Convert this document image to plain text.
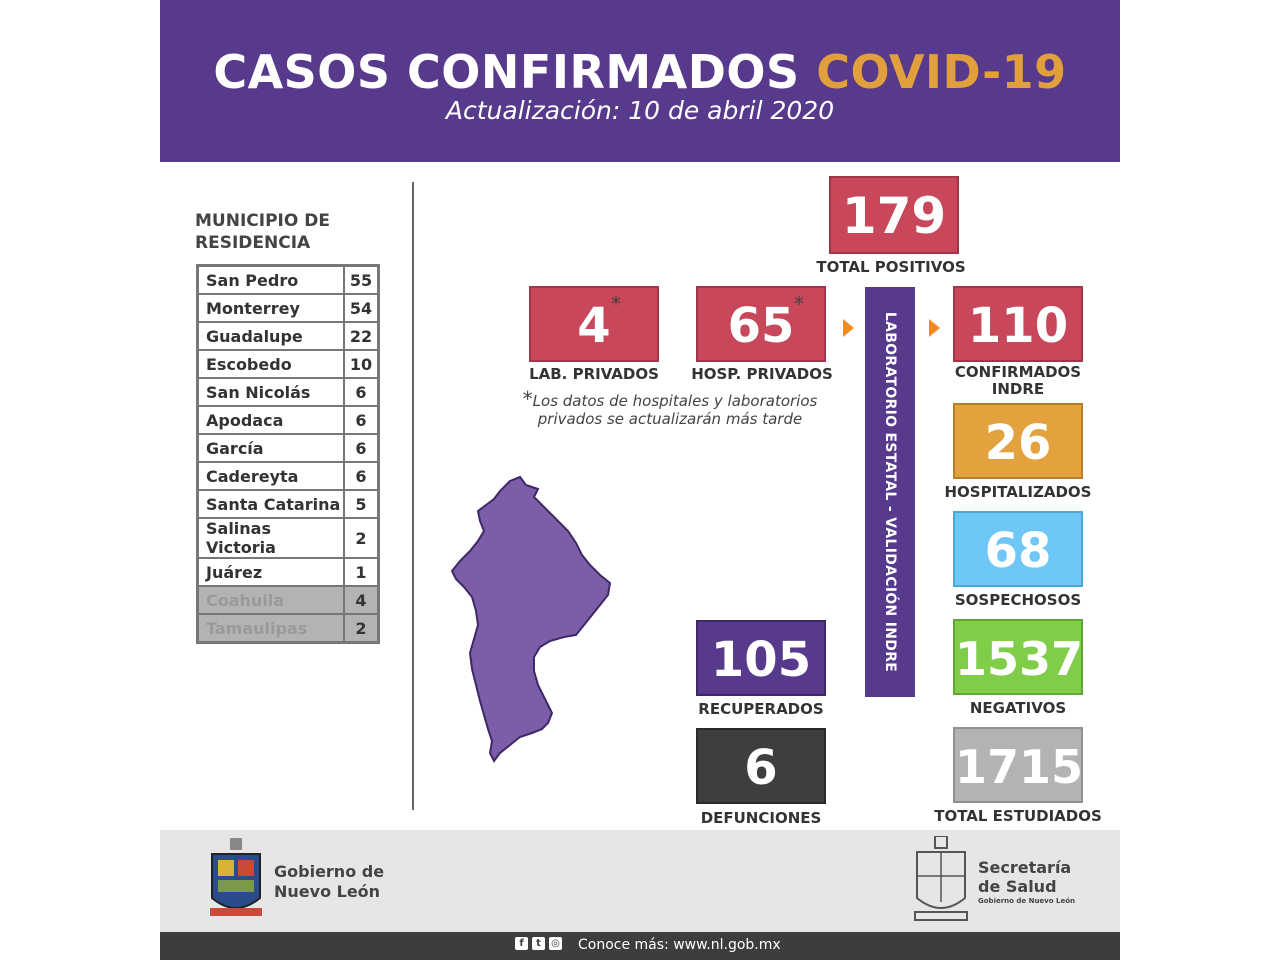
CASOS CONFIRMADOS COVID-19
Actualización: 10 de abril 2020
MUNICIPIO DE
RESIDENCIA
San Pedro	55
Monterrey	54
Guadalupe	22
Escobedo	10
San Nicolás	6
Apodaca	6
García	6
Cadereyta	6
Santa Catarina	5
Salinas Victoria	2
Juárez	1
Coahuila	4
Tamaulipas	2
179
TOTAL POSITIVOS
4 *
LAB. PRIVADOS
65 *
HOSP. PRIVADOS
*Los datos de hospitales y laboratorios
privados se actualizarán más tarde	LABORATORIO ESTATAL - VALIDACIÓN INDRE	110
CONFIRMADOS
INDRE
26
HOSPITALIZADOS
68
SOSPECHOSOS
1537
NEGATIVOS
1715
TOTAL ESTUDIADOS
105
RECUPERADOS
6
DEFUNCIONES
Gobierno de
Nuevo León
Secretaría
de Salud
Gobierno de Nuevo León
f	t	◎ Conoce más: www.nl.gob.mx
